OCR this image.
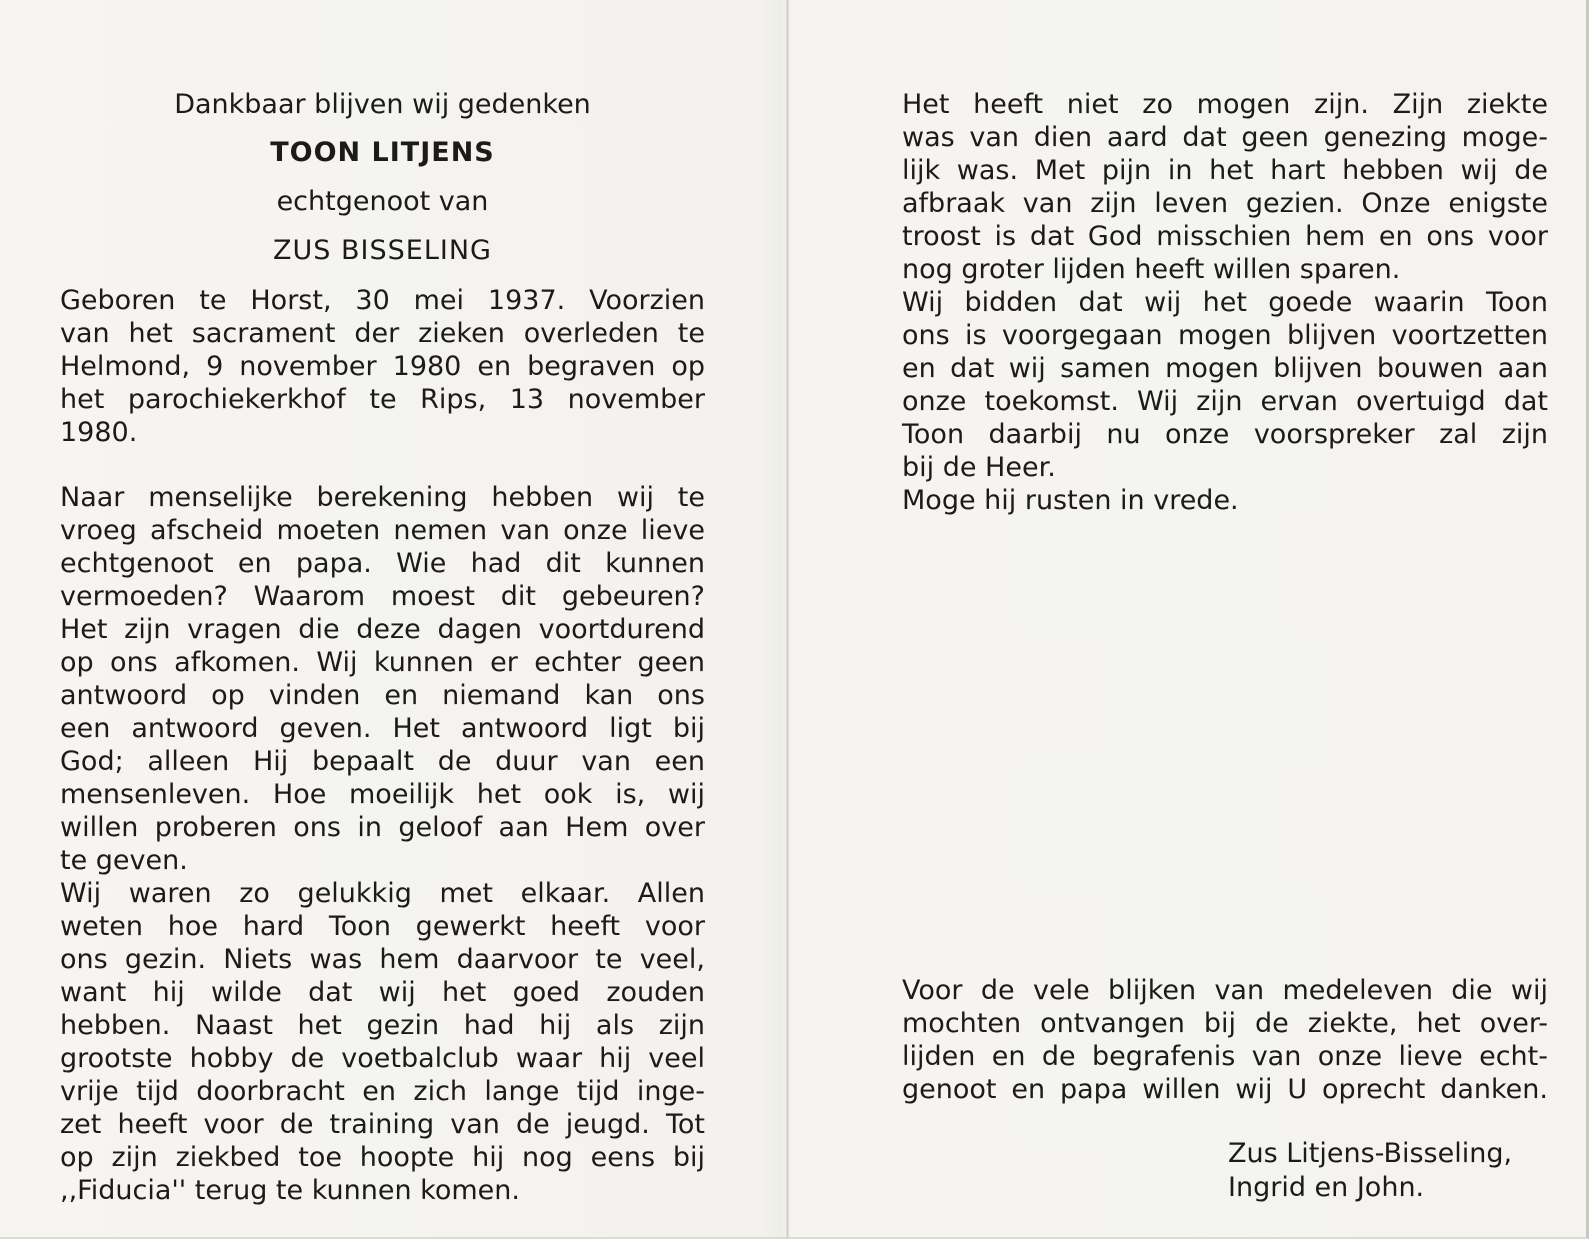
Dankbaar blijven wij gedenken
TOON LITJENS
echtgenoot van
ZUS BISSELING
Geboren te Horst, 30 mei 1937. Voorzien
van het sacrament der zieken overleden te
Helmond, 9 november 1980 en begraven op
het parochiekerkhof te Rips, 13 november
1980.
Naar menselijke berekening hebben wij te
vroeg afscheid moeten nemen van onze lieve
echtgenoot en papa. Wie had dit kunnen
vermoeden? Waarom moest dit gebeuren?
Het zijn vragen die deze dagen voortdurend
op ons afkomen. Wij kunnen er echter geen
antwoord op vinden en niemand kan ons
een antwoord geven. Het antwoord ligt bij
God; alleen Hij bepaalt de duur van een
mensenleven. Hoe moeilijk het ook is, wij
willen proberen ons in geloof aan Hem over
te geven.
Wij waren zo gelukkig met elkaar. Allen
weten hoe hard Toon gewerkt heeft voor
ons gezin. Niets was hem daarvoor te veel,
want hij wilde dat wij het goed zouden
hebben. Naast het gezin had hij als zijn
grootste hobby de voetbalclub waar hij veel
vrije tijd doorbracht en zich lange tijd inge-
zet heeft voor de training van de jeugd. Tot
op zijn ziekbed toe hoopte hij nog eens bij
,,Fiducia'' terug te kunnen komen.
Het heeft niet zo mogen zijn. Zijn ziekte
was van dien aard dat geen genezing moge-
lijk was. Met pijn in het hart hebben wij de
afbraak van zijn leven gezien. Onze enigste
troost is dat God misschien hem en ons voor
nog groter lijden heeft willen sparen.
Wij bidden dat wij het goede waarin Toon
ons is voorgegaan mogen blijven voortzetten
en dat wij samen mogen blijven bouwen aan
onze toekomst. Wij zijn ervan overtuigd dat
Toon daarbij nu onze voorspreker zal zijn
bij de Heer.
Moge hij rusten in vrede.
Voor de vele blijken van medeleven die wij
mochten ontvangen bij de ziekte, het over-
lijden en de begrafenis van onze lieve echt-
genoot en papa willen wij U oprecht danken.
Zus Litjens-Bisseling,
Ingrid en John.
